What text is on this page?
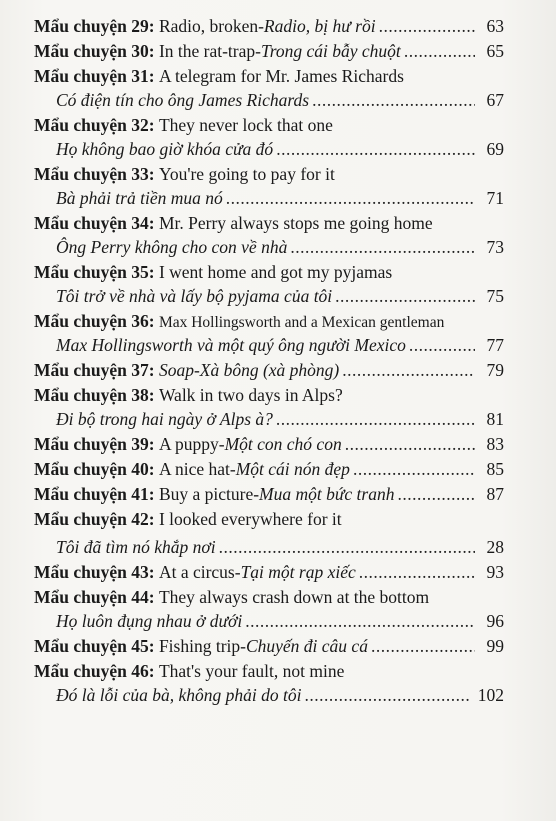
Mẩu chuyện 29:
Radio, broken - Radio, bị hư rồi .....	63
Mẩu chuyện 30:
In the rat-trap - Trong cái bẫy chuột .....	65
Mẩu chuyện 31:
A telegram for Mr. James Richards
Có điện tín cho ông James Richards .....	67
Mẩu chuyện 32:
They never lock that one
Họ không bao giờ khóa cửa đó .....	69
Mẩu chuyện 33:
You're going to pay for it
Bà phải trả tiền mua nó .....	71
Mẩu chuyện 34:
Mr. Perry always stops me going home
Ông Perry không cho con về nhà .....	73
Mẩu chuyện 35:
I went home and got my pyjamas
Tôi trở về nhà và lấy bộ pyjama của tôi .....	75
Mẩu chuyện 36:
Max Hollingsworth and a Mexican gentleman
Max Hollingsworth và một quý ông người Mexico .....	77
Mẩu chuyện 37:
Soap - Xà bông (xà phòng) .....	79
Mẩu chuyện 38:
Walk in two days in Alps?
Đi bộ trong hai ngày ở Alps à? .....	81
Mẩu chuyện 39:
A puppy - Một con chó con .....	83
Mẩu chuyện 40:
A nice hat - Một cái nón đẹp .....	85
Mẩu chuyện 41:
Buy a picture - Mua một bức tranh .....	87
Mẩu chuyện 42:
I looked everywhere for it
Tôi đã tìm nó khắp nơi .....	28
Mẩu chuyện 43:
At a circus - Tại một rạp xiếc .....	93
Mẩu chuyện 44:
They always crash down at the bottom
Họ luôn đụng nhau ở dưới .....	96
Mẩu chuyện 45:
Fishing trip - Chuyến đi câu cá .....	99
Mẩu chuyện 46:
That's your fault, not mine
Đó là lỗi của bà, không phải do tôi .....	102
